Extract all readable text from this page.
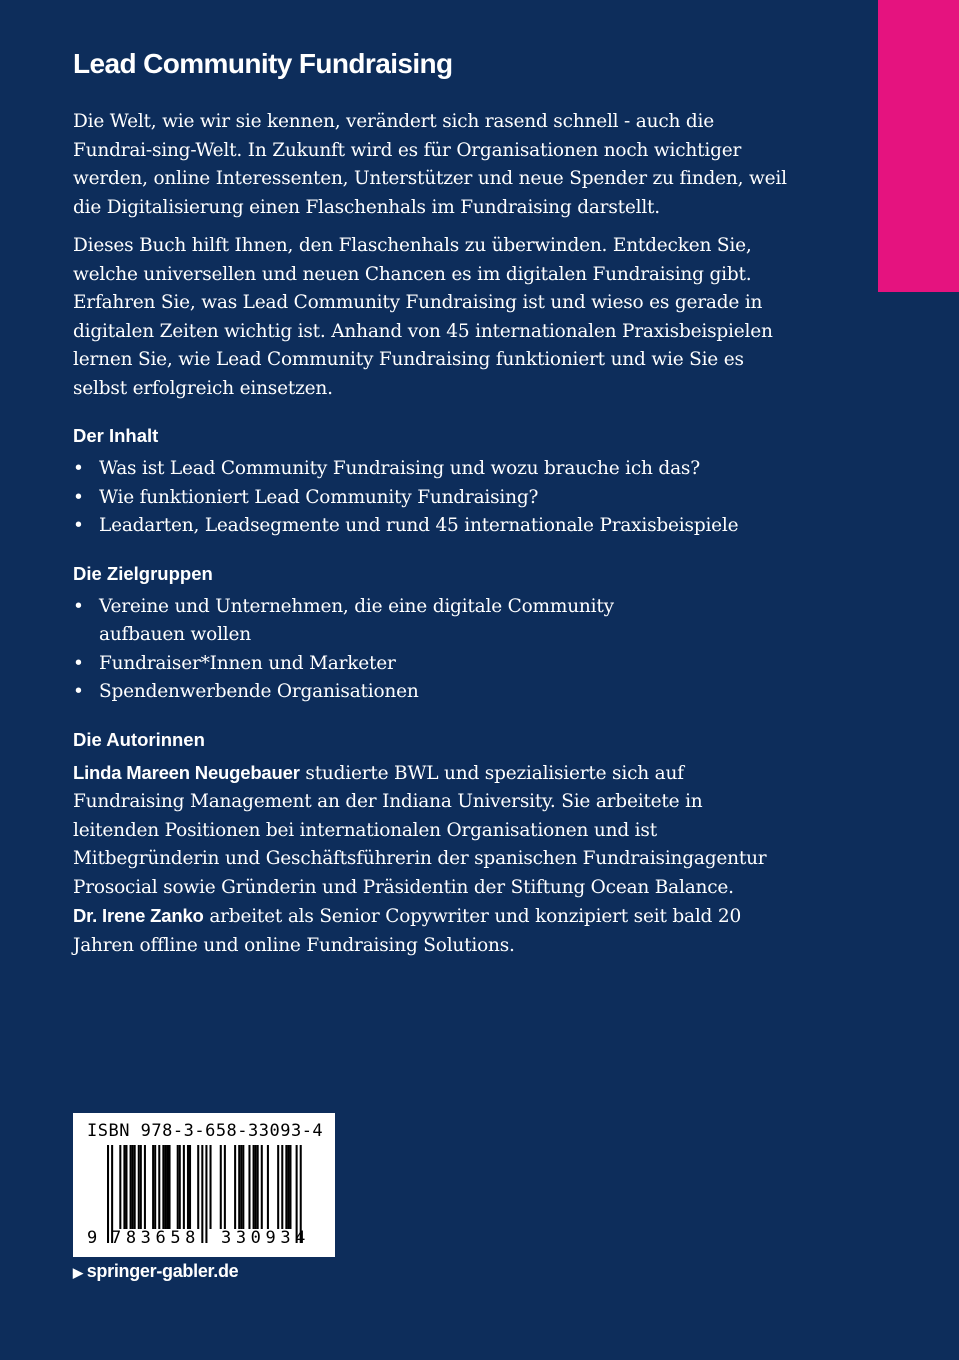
Lead Community Fundraising

Die Welt, wie wir sie kennen, verändert sich rasend schnell - auch die Fundrai-sing-Welt. In Zukunft wird es für Organisationen noch wichtiger werden, online Interessenten, Unterstützer und neue Spender zu finden, weil die Digitalisierung einen Flaschenhals im Fundraising darstellt.

Dieses Buch hilft Ihnen, den Flaschenhals zu überwinden. Entdecken Sie, welche universellen und neuen Chancen es im digitalen Fundraising gibt. Erfahren Sie, was Lead Community Fundraising ist und wieso es gerade in digitalen Zeiten wichtig ist. Anhand von 45 internationalen Praxisbeispielen lernen Sie, wie Lead Community Fundraising funktioniert und wie Sie es selbst erfolgreich einsetzen.

Der Inhalt
• Was ist Lead Community Fundraising und wozu brauche ich das?
• Wie funktioniert Lead Community Fundraising?
• Leadarten, Leadsegmente und rund 45 internationale Praxisbeispiele
Die Zielgruppen
• Vereine und Unternehmen, die eine digitale Community aufbauen wollen
• Fundraiser*Innen und Marketer
• Spendenwerbende Organisationen
Die Autorinnen

Linda Mareen Neugebauer studierte BWL und spezialisierte sich auf Fundraising Management an der Indiana University. Sie arbeitete in leitenden Positionen bei internationalen Organisationen und ist Mitbegründerin und Geschäftsführerin der spanischen Fundraisingagentur Prosocial sowie Gründerin und Präsidentin der Stiftung Ocean Balance.
Dr. Irene Zanko arbeitet als Senior Copywriter und konzipiert seit bald 20 Jahren offline und online Fundraising Solutions.

ISBN 978-3-658-33093-4
9 783658 330934
▶ springer-gabler.de
